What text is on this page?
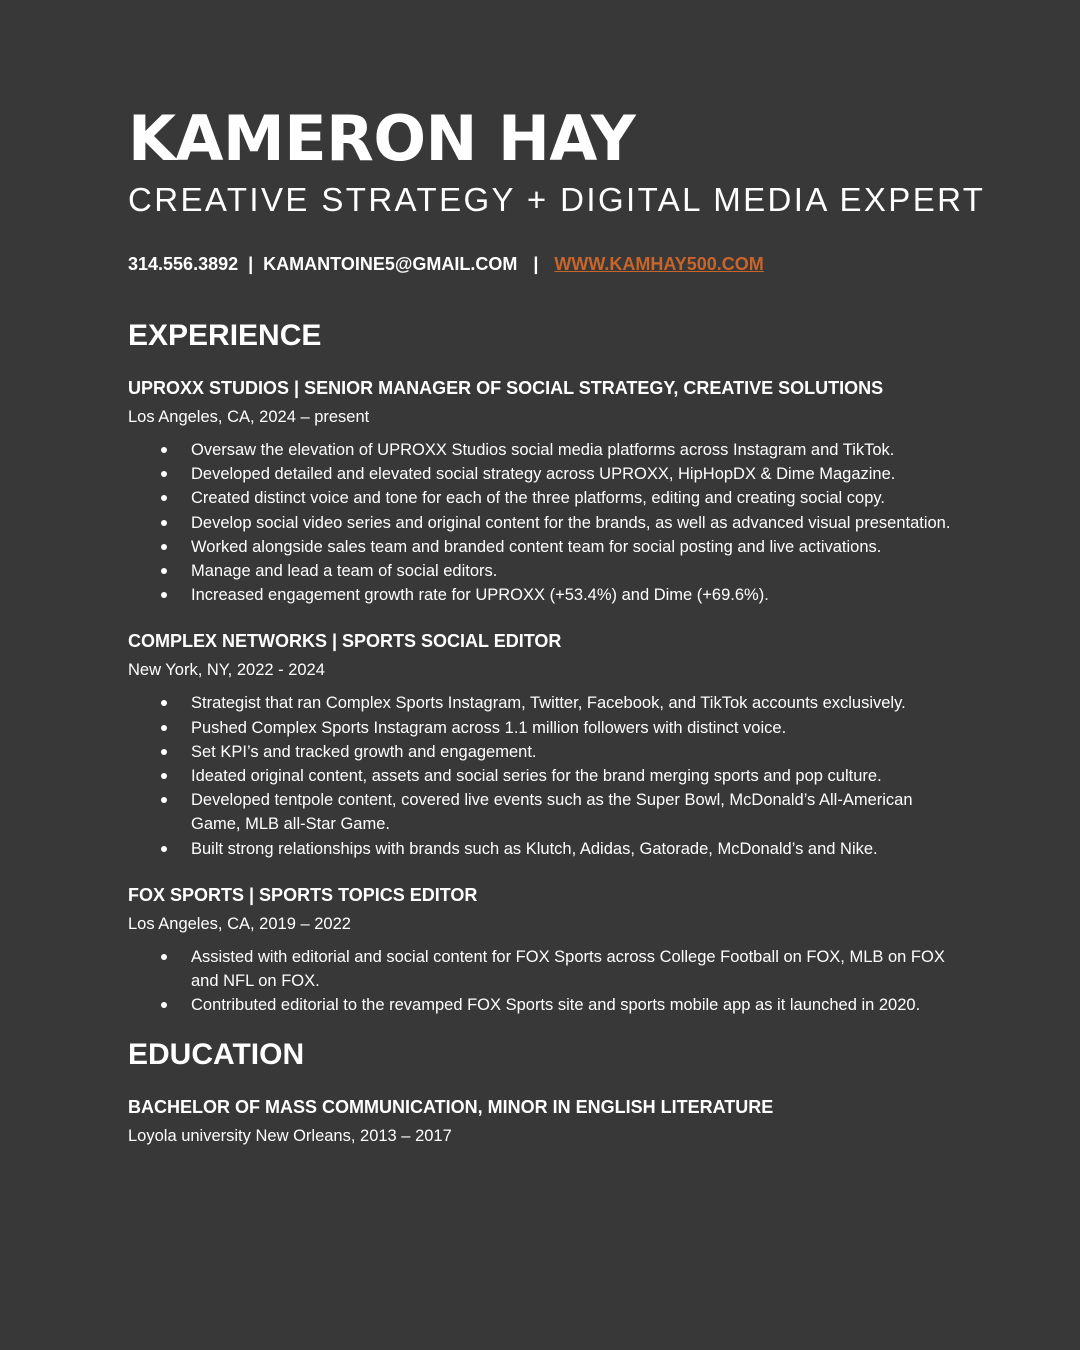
KAMERON HAY

CREATIVE STRATEGY + DIGITAL MEDIA EXPERT

314.556.3892 | KAMANTOINE5@GMAIL.COM | WWW.KAMHAY500.COM
EXPERIENCE
UPROXX STUDIOS | SENIOR MANAGER OF SOCIAL STRATEGY, CREATIVE SOLUTIONS
Los Angeles, CA, 2024 – present
Oversaw the elevation of UPROXX Studios social media platforms across Instagram and TikTok.
Developed detailed and elevated social strategy across UPROXX, HipHopDX & Dime Magazine.
Created distinct voice and tone for each of the three platforms, editing and creating social copy.
Develop social video series and original content for the brands, as well as advanced visual presentation.
Worked alongside sales team and branded content team for social posting and live activations.
Manage and lead a team of social editors.
Increased engagement growth rate for UPROXX (+53.4%) and Dime (+69.6%).
COMPLEX NETWORKS | SPORTS SOCIAL EDITOR
New York, NY, 2022 - 2024
Strategist that ran Complex Sports Instagram, Twitter, Facebook, and TikTok accounts exclusively.
Pushed Complex Sports Instagram across 1.1 million followers with distinct voice.
Set KPI’s and tracked growth and engagement.
Ideated original content, assets and social series for the brand merging sports and pop culture.
Developed tentpole content, covered live events such as the Super Bowl, McDonald’s All-American Game, MLB all-Star Game.
Built strong relationships with brands such as Klutch, Adidas, Gatorade, McDonald’s and Nike.
FOX SPORTS | SPORTS TOPICS EDITOR
Los Angeles, CA, 2019 – 2022
Assisted with editorial and social content for FOX Sports across College Football on FOX, MLB on FOX and NFL on FOX.
Contributed editorial to the revamped FOX Sports site and sports mobile app as it launched in 2020.
EDUCATION
BACHELOR OF MASS COMMUNICATION, MINOR IN ENGLISH LITERATURE
Loyola university New Orleans, 2013 – 2017
